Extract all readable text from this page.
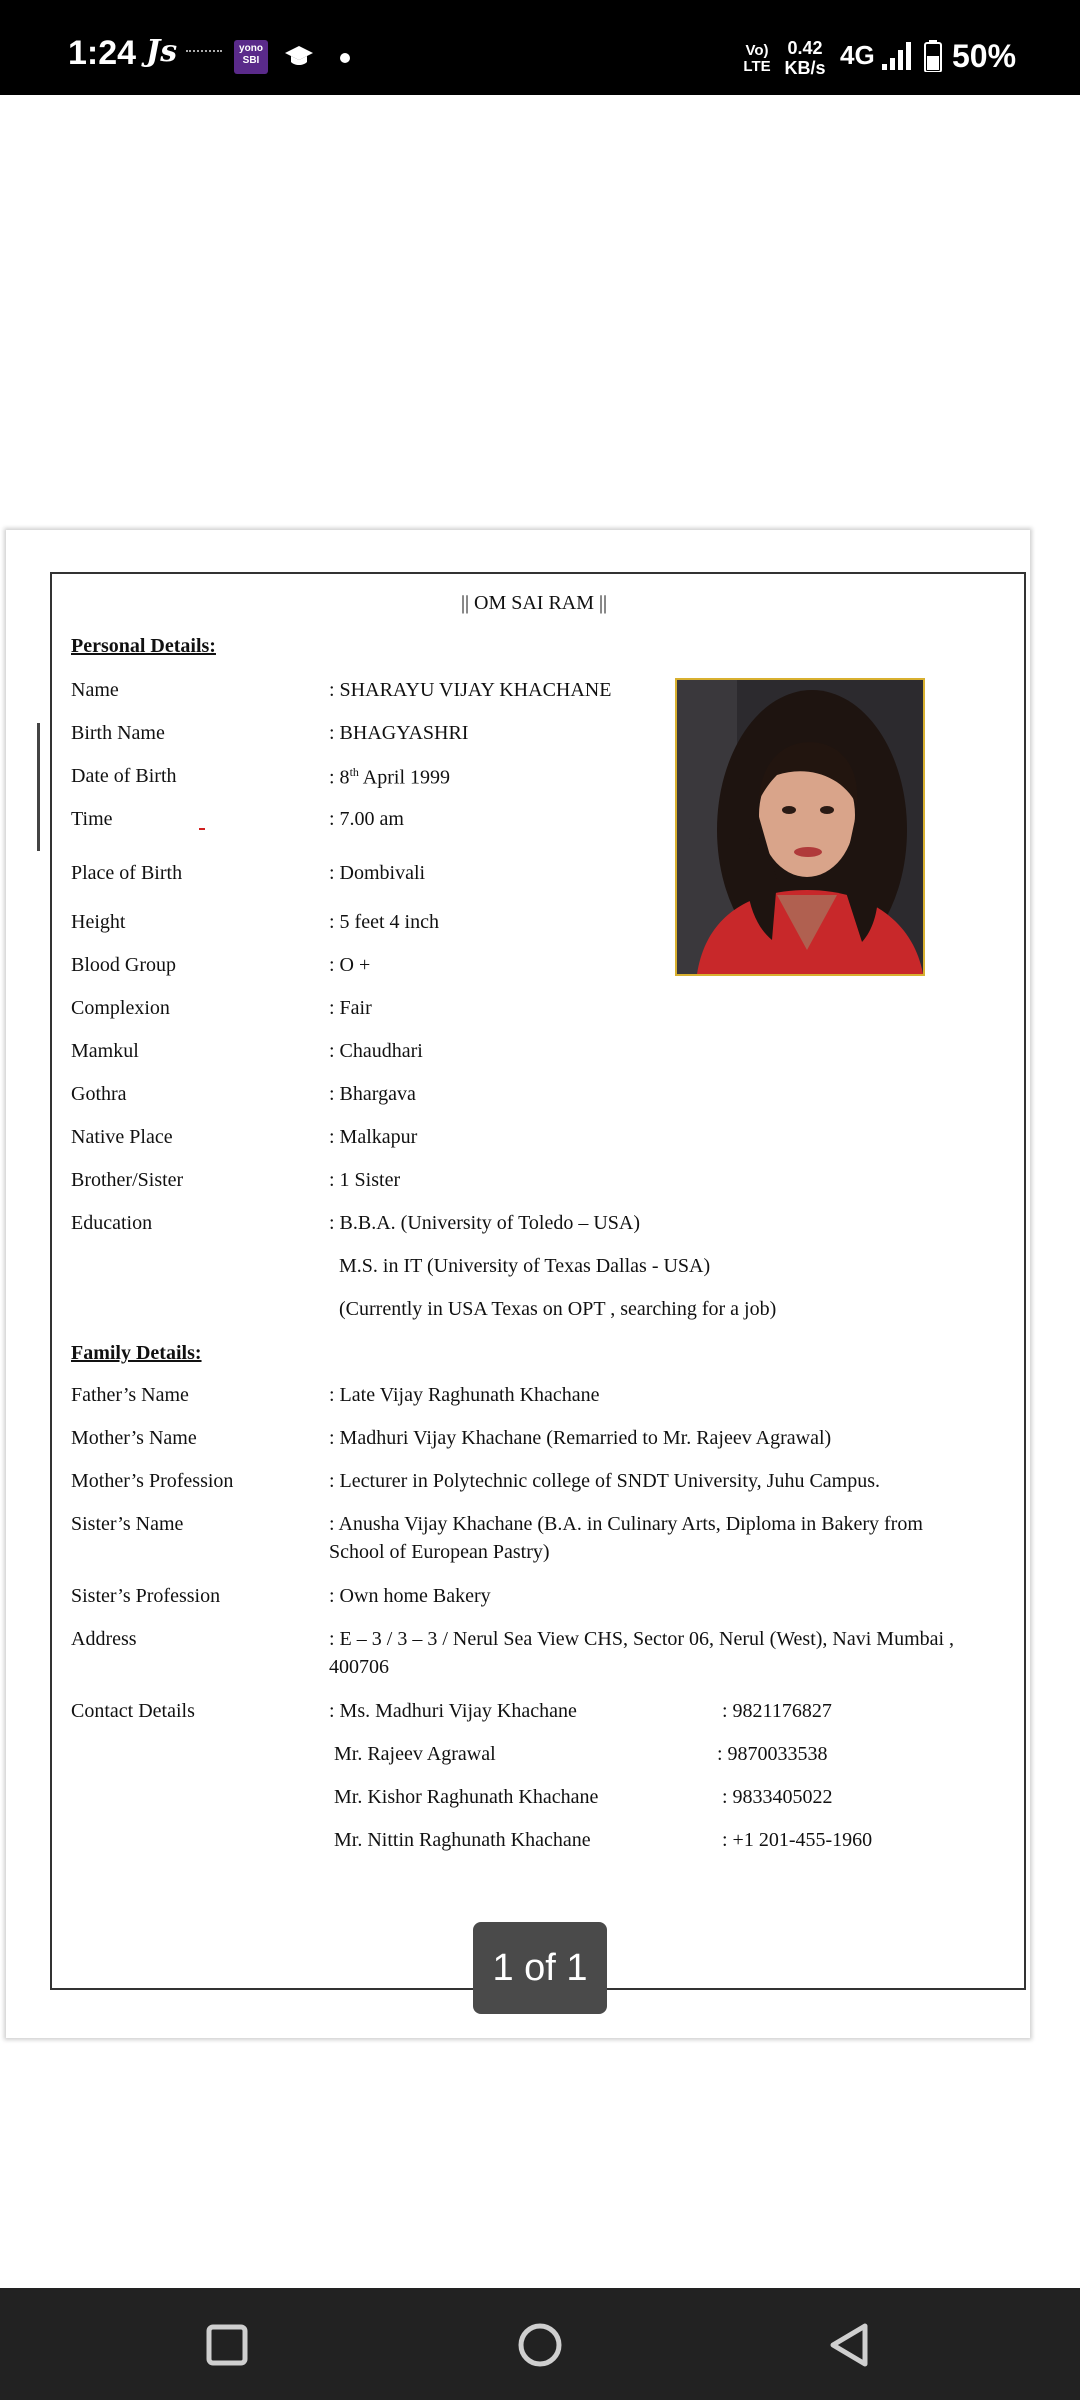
1:24 Js	yono
SBI
Vo)
LTE
0.42
KB/s 4G 50%
|| OM SAI RAM ||
Personal Details:
Name	: SHARAYU VIJAY KHACHANE
Birth Name	: BHAGYASHRI
Date of Birth	: 8th April 1999
Time	: 7.00 am
Place of Birth	: Dombivali
Height	: 5 feet 4 inch
Blood Group	: O +
Complexion	: Fair
Mamkul	: Chaudhari
Gothra	: Bhargava
Native Place	: Malkapur
Brother/Sister	: 1 Sister
Education	: B.B.A. (University of Toledo – USA)
M.S. in IT (University of Texas Dallas - USA)
(Currently in USA Texas on OPT , searching for a job)
Family Details:
Father’s Name	: Late Vijay Raghunath Khachane
Mother’s Name	: Madhuri Vijay Khachane (Remarried to Mr. Rajeev Agrawal)
Mother’s Profession	: Lecturer in Polytechnic college of SNDT University, Juhu Campus.
Sister’s Name	: Anusha Vijay Khachane (B.A. in Culinary Arts, Diploma in Bakery from
School of European Pastry)
Sister’s Profession	: Own home Bakery
Address	: E – 3 / 3 – 3 / Nerul Sea View CHS, Sector 06, Nerul (West), Navi Mumbai ,
400706
Contact Details	: Ms. Madhuri Vijay Khachane	: 9821176827
Mr. Rajeev Agrawal	: 9870033538
Mr. Kishor Raghunath Khachane	: 9833405022
Mr. Nittin Raghunath Khachane	: +1 201-455-1960
1 of 1
